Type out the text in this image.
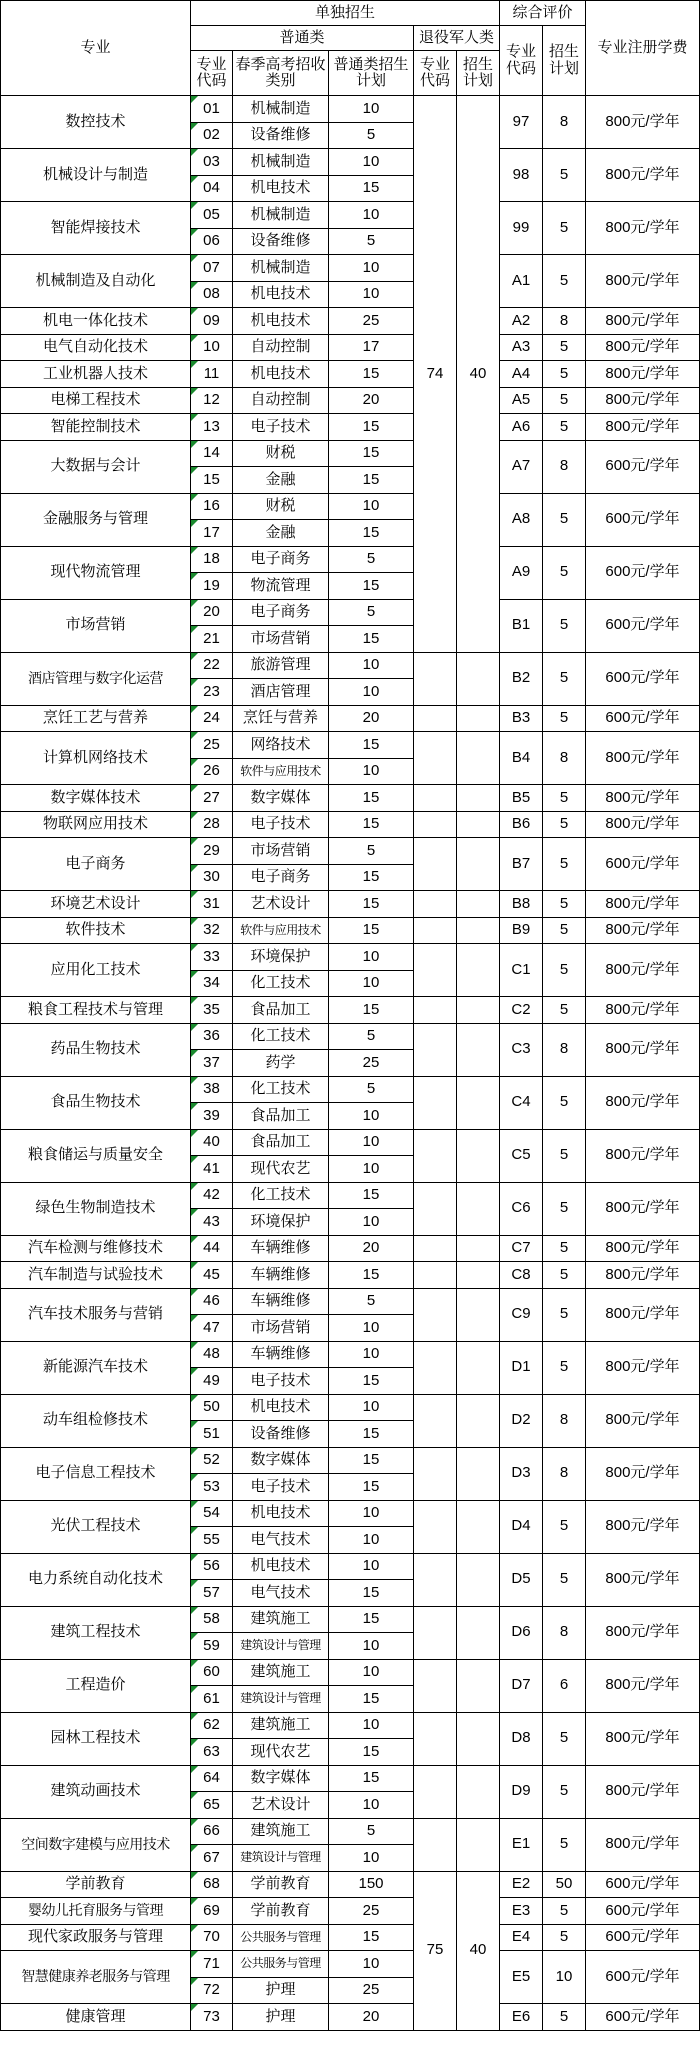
专业	单独招生					综合评价		专业注册学费
	普通类			退役军人类		专业代码	招生计划	
	专业代码	春季高考招收类别	普通类招生计划	专业代码	招生计划			
数控技术	01	机械制造	10	74	40	97	8	800元/学年
	02	设备维修	5					
机械设计与制造	03	机械制造	10			98	5	800元/学年
	04	机电技术	15					
智能焊接技术	05	机械制造	10			99	5	800元/学年
	06	设备维修	5					
机械制造及自动化	07	机械制造	10			A1	5	800元/学年
	08	机电技术	10					
机电一体化技术	09	机电技术	25			A2	8	800元/学年
电气自动化技术	10	自动控制	17			A3	5	800元/学年
工业机器人技术	11	机电技术	15			A4	5	800元/学年
电梯工程技术	12	自动控制	20			A5	5	800元/学年
智能控制技术	13	电子技术	15			A6	5	800元/学年
大数据与会计	14	财税	15			A7	8	600元/学年
	15	金融	15					
金融服务与管理	16	财税	10			A8	5	600元/学年
	17	金融	15					
现代物流管理	18	电子商务	5			A9	5	600元/学年
	19	物流管理	15					
市场营销	20	电子商务	5			B1	5	600元/学年
	21	市场营销	15					
酒店管理与数字化运营	22	旅游管理	10			B2	5	600元/学年
	23	酒店管理	10					
烹饪工艺与营养	24	烹饪与营养	20			B3	5	600元/学年
计算机网络技术	25	网络技术	15			B4	8	800元/学年
	26	软件与应用技术	10					
数字媒体技术	27	数字媒体	15			B5	5	800元/学年
物联网应用技术	28	电子技术	15			B6	5	800元/学年
电子商务	29	市场营销	5			B7	5	600元/学年
	30	电子商务	15					
环境艺术设计	31	艺术设计	15			B8	5	800元/学年
软件技术	32	软件与应用技术	15			B9	5	800元/学年
应用化工技术	33	环境保护	10			C1	5	800元/学年
	34	化工技术	10					
粮食工程技术与管理	35	食品加工	15			C2	5	800元/学年
药品生物技术	36	化工技术	5			C3	8	800元/学年
	37	药学	25					
食品生物技术	38	化工技术	5			C4	5	800元/学年
	39	食品加工	10					
粮食储运与质量安全	40	食品加工	10			C5	5	800元/学年
	41	现代农艺	10					
绿色生物制造技术	42	化工技术	15			C6	5	800元/学年
	43	环境保护	10					
汽车检测与维修技术	44	车辆维修	20			C7	5	800元/学年
汽车制造与试验技术	45	车辆维修	15			C8	5	800元/学年
汽车技术服务与营销	46	车辆维修	5			C9	5	800元/学年
	47	市场营销	10					
新能源汽车技术	48	车辆维修	10			D1	5	800元/学年
	49	电子技术	15					
动车组检修技术	50	机电技术	10			D2	8	800元/学年
	51	设备维修	15					
电子信息工程技术	52	数字媒体	15			D3	8	800元/学年
	53	电子技术	15					
光伏工程技术	54	机电技术	10			D4	5	800元/学年
	55	电气技术	10					
电力系统自动化技术	56	机电技术	10			D5	5	800元/学年
	57	电气技术	15					
建筑工程技术	58	建筑施工	15			D6	8	800元/学年
	59	建筑设计与管理	10					
工程造价	60	建筑施工	10			D7	6	800元/学年
	61	建筑设计与管理	15					
园林工程技术	62	建筑施工	10			D8	5	800元/学年
	63	现代农艺	15					
建筑动画技术	64	数字媒体	15			D9	5	800元/学年
	65	艺术设计	10					
空间数字建模与应用技术	66	建筑施工	5			E1	5	800元/学年
	67	建筑设计与管理	10					
学前教育	68	学前教育	150	75	40	E2	50	600元/学年
婴幼儿托育服务与管理	69	学前教育	25			E3	5	600元/学年
现代家政服务与管理	70	公共服务与管理	15			E4	5	600元/学年
智慧健康养老服务与管理	71	公共服务与管理	10			E5	10	600元/学年
	72	护理	25					
健康管理	73	护理	20			E6	5	600元/学年
